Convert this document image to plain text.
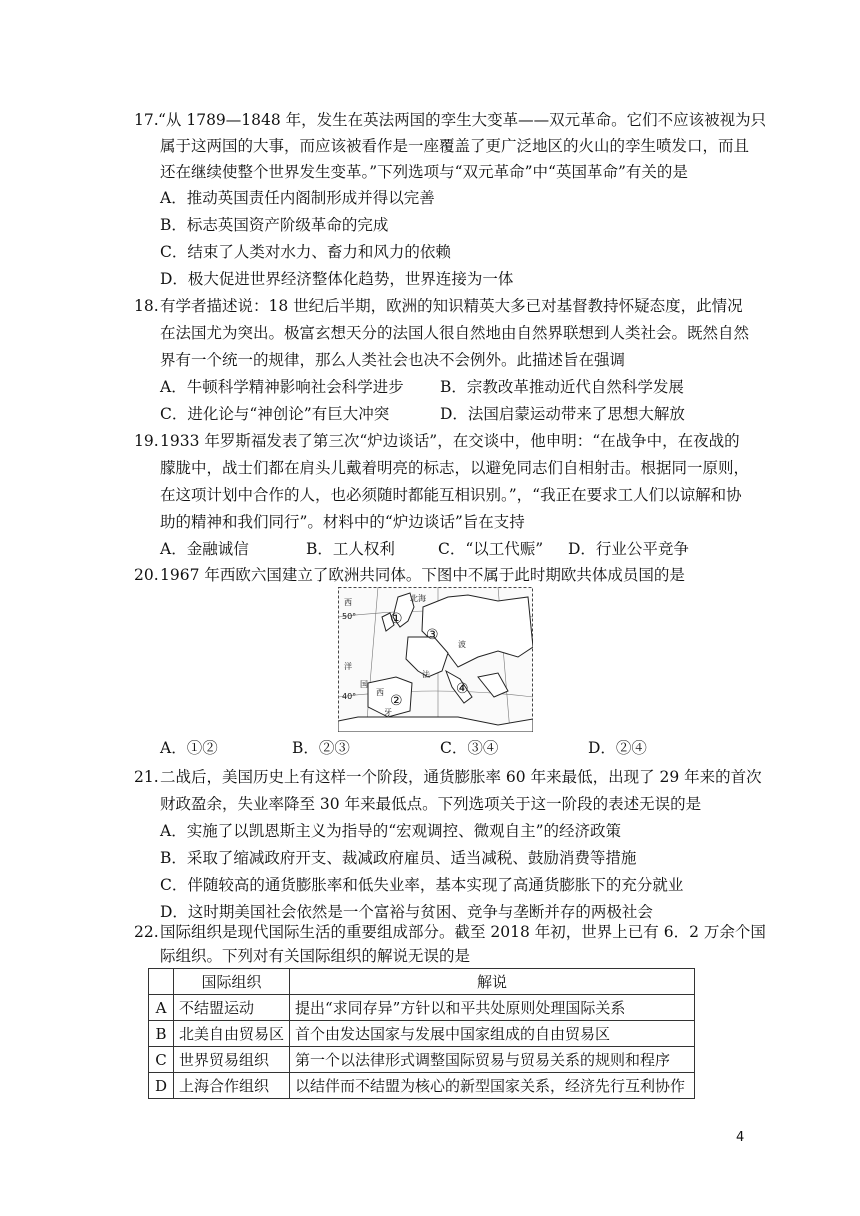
17. “从 1789—1848 年，发生在英法两国的孪生大变革——双元革命。它们不应该被视为只
属于这两国的大事，而应该被看作是一座覆盖了更广泛地区的火山的孪生喷发口，而且
还在继续使整个世界发生变革。”下列选项与“双元革命”中“英国革命”有关的是
A．推动英国责任内阁制形成并得以完善
B．标志英国资产阶级革命的完成
C．结束了人类对水力、畜力和风力的依赖
D．极大促进世界经济整体化趋势，世界连接为一体
18. 有学者描述说：18 世纪后半期，欧洲的知识精英大多已对基督教持怀疑态度，此情况
在法国尤为突出。极富玄想天分的法国人很自然地由自然界联想到人类社会。既然自然
界有一个统一的规律，那么人类社会也决不会例外。此描述旨在强调
A．牛顿科学精神影响社会科学进步 B．宗教改革推动近代自然科学发展
C．进化论与“神创论”有巨大冲突	D．法国启蒙运动带来了思想大解放
19. 1933 年罗斯福发表了第三次“炉边谈话”，在交谈中，他申明：“在战争中，在夜战的
朦胧中，战士们都在肩头儿戴着明亮的标志，以避免同志们自相射击。根据同一原则，
在这项计划中合作的人，也必须随时都能互相识别。”，“我正在要求工人们以谅解和协
助的精神和我们同行”。材料中的“炉边谈话”旨在支持
A．金融诚信	B．工人权利	C．“以工代赈” D．行业公平竞争
20. 1967 年西欧六国建立了欧洲共同体。下图中不属于此时期欧共体成员国的是
西	北海
50°
洋
40°
国
西
牙
波
法
①
②
③
④
A．①②	B．②③	C．③④	D．②④
21. 二战后，美国历史上有这样一个阶段，通货膨胀率 60 年来最低，出现了 29 年来的首次
财政盈余，失业率降至 30 年来最低点。下列选项关于这一阶段的表述无误的是
A．实施了以凯恩斯主义为指导的“宏观调控、微观自主”的经济政策
B．采取了缩减政府开支、裁减政府雇员、适当减税、鼓励消费等措施
C．伴随较高的通货膨胀率和低失业率，基本实现了高通货膨胀下的充分就业
D．这时期美国社会依然是一个富裕与贫困、竞争与垄断并存的两极社会
22. 国际组织是现代国际生活的重要组成部分。截至 2018 年初，世界上已有 6．2 万余个国
际组织。下列对有关国际组织的解说无误的是
	国际组织	解说
A	不结盟运动	提出“求同存异”方针以和平共处原则处理国际关系
B	北美自由贸易区	首个由发达国家与发展中国家组成的自由贸易区
C	世界贸易组织	第一个以法律形式调整国际贸易与贸易关系的规则和程序
D	上海合作组织	以结伴而不结盟为核心的新型国家关系，经济先行互利协作
4
